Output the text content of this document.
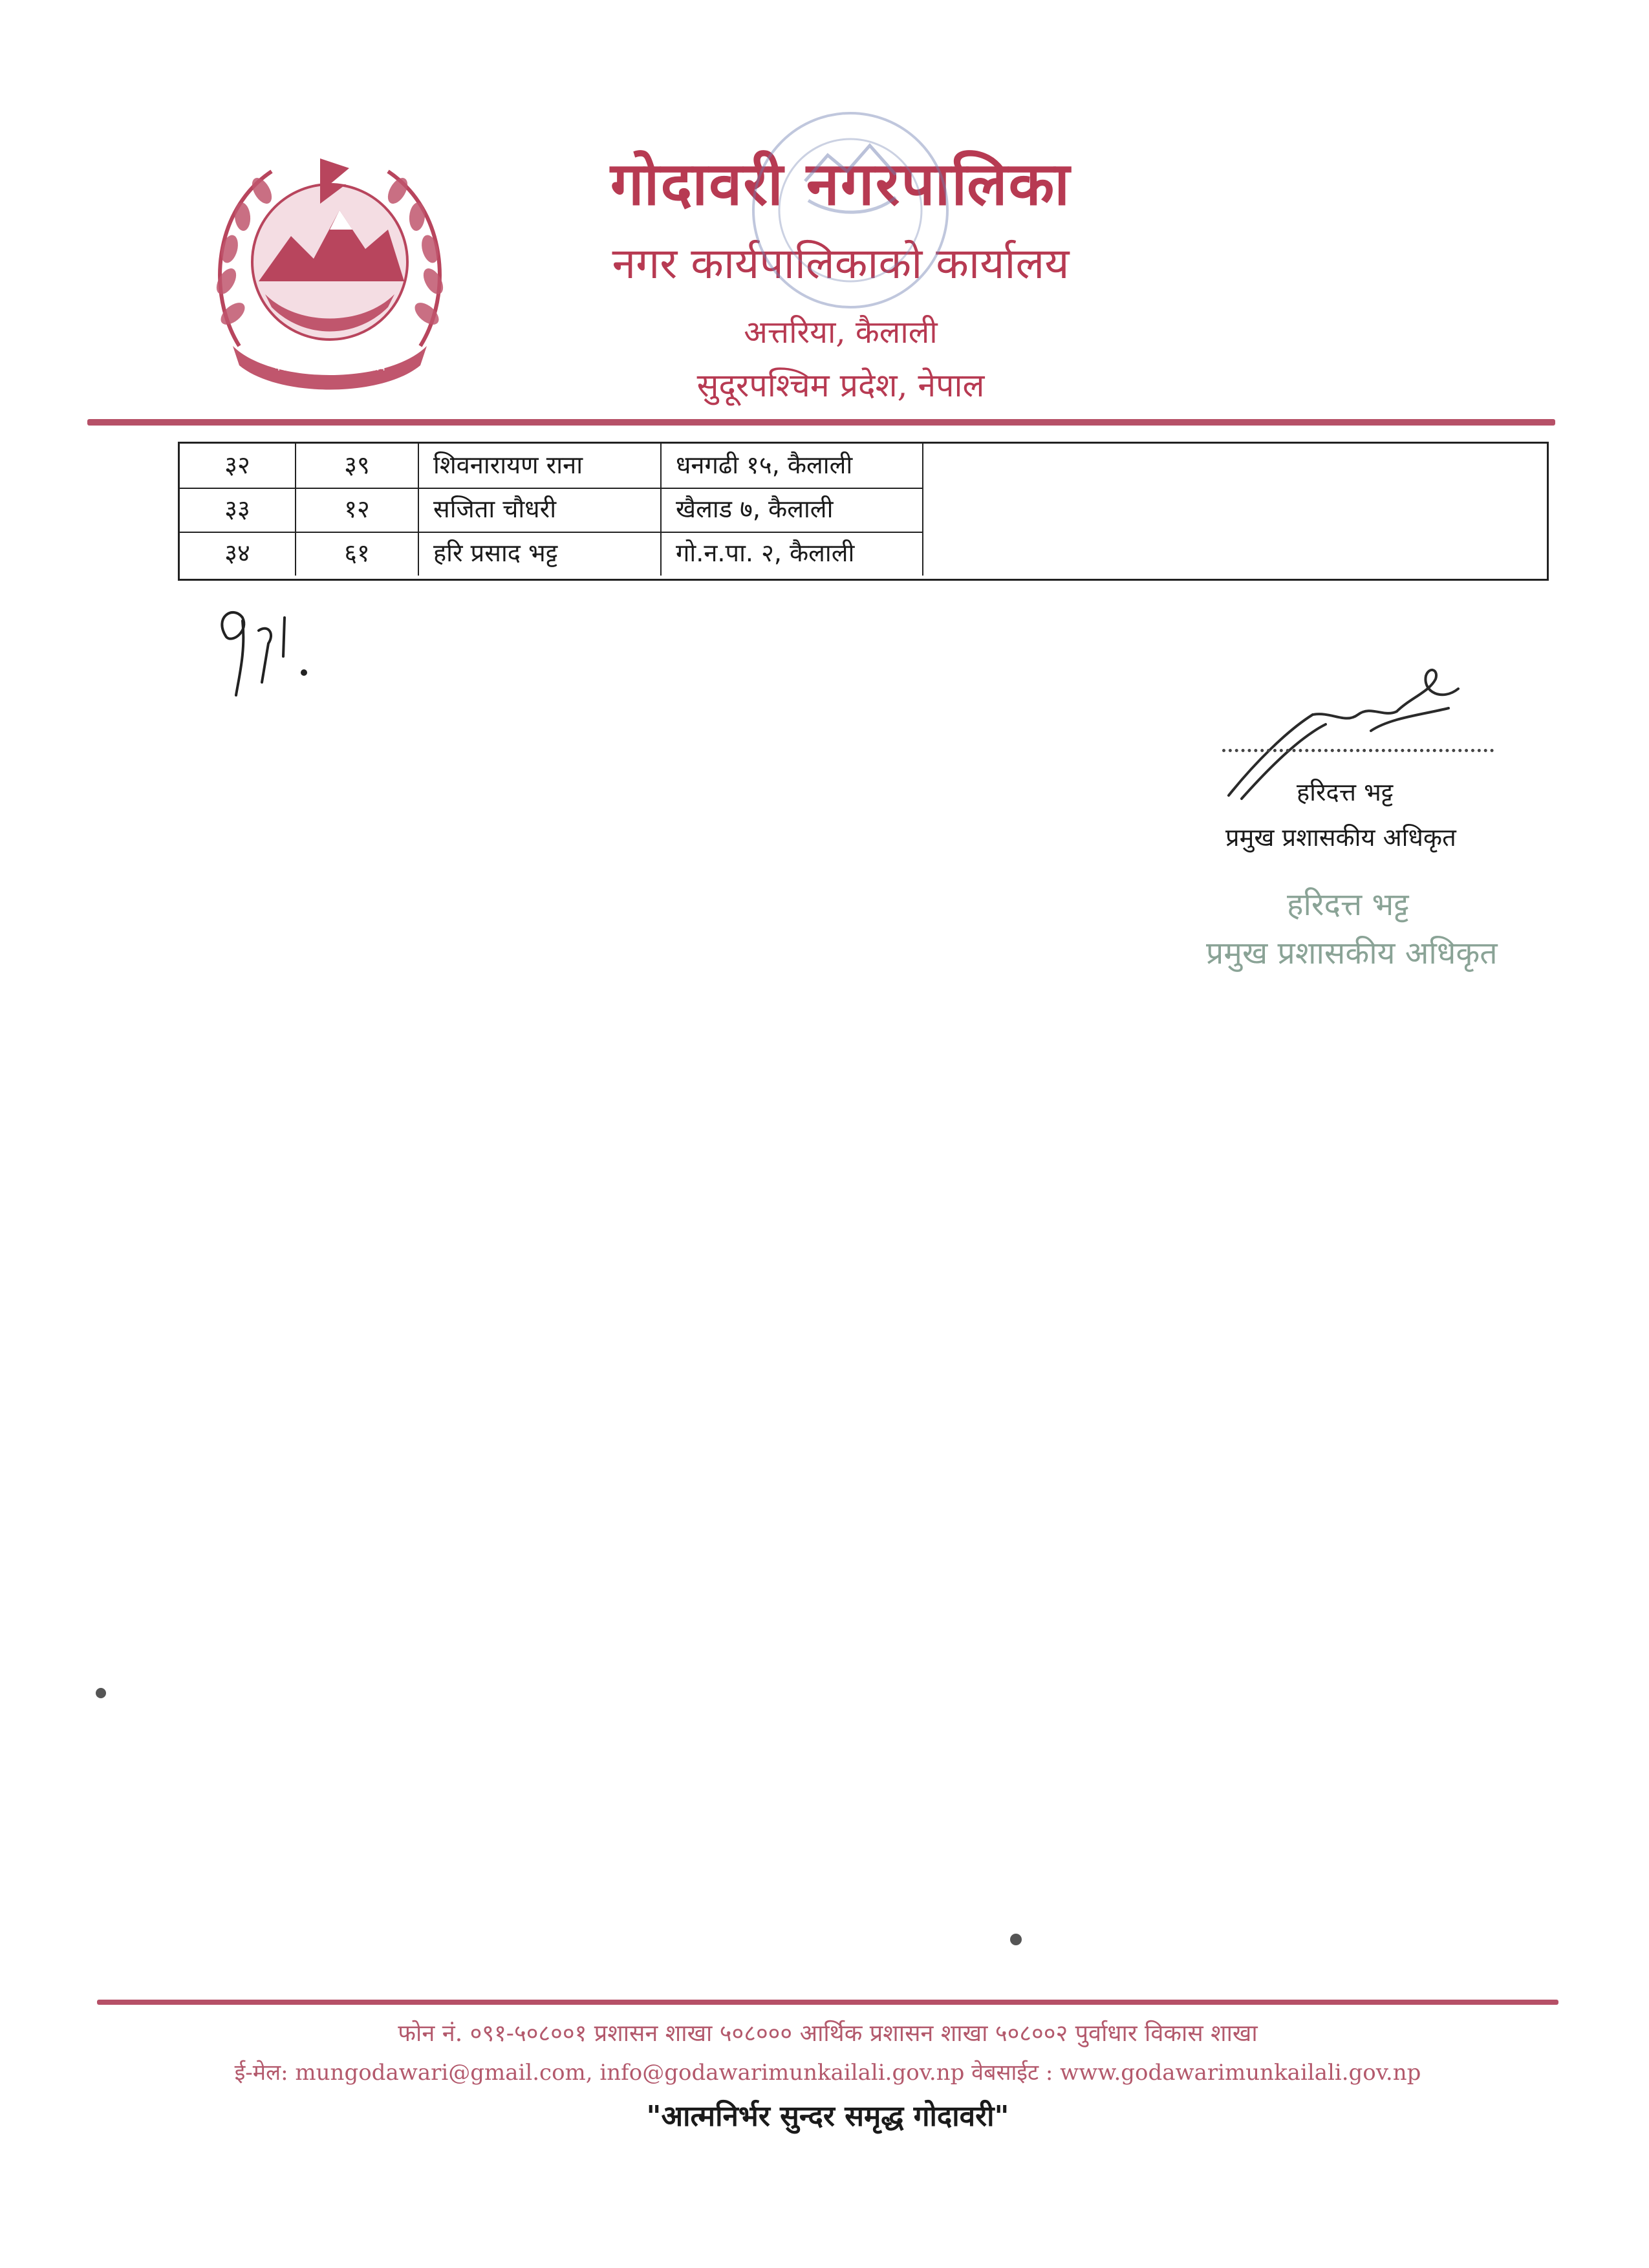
नगर कार्यपालिकाको कार्यालय
गोदावरी नगरपालिका
नगर कार्यपालिकाको कार्यालय
अत्तरिया, कैलाली
सुदूरपश्चिम प्रदेश, नेपाल
३२	३९	शिवनारायण राना	धनगढी १५, कैलाली
३३	१२	सजिता चौधरी	खैलाड ७, कैलाली
३४	६१	हरि प्रसाद भट्ट	गो.न.पा. २, कैलाली
हरिदत्त भट्ट
प्रमुख प्रशासकीय अधिकृत
हरिदत्त भट्ट
प्रमुख प्रशासकीय अधिकृत
फोन नं. ०९१-५०८००१ प्रशासन शाखा ५०८००० आर्थिक प्रशासन शाखा ५०८००२ पुर्वाधार विकास शाखा
ई-मेल: mungodawari@gmail.com, info@godawarimunkailali.gov.np वेबसाईट : www.godawarimunkailali.gov.np
"आत्मनिर्भर सुन्दर समृद्ध गोदावरी"
